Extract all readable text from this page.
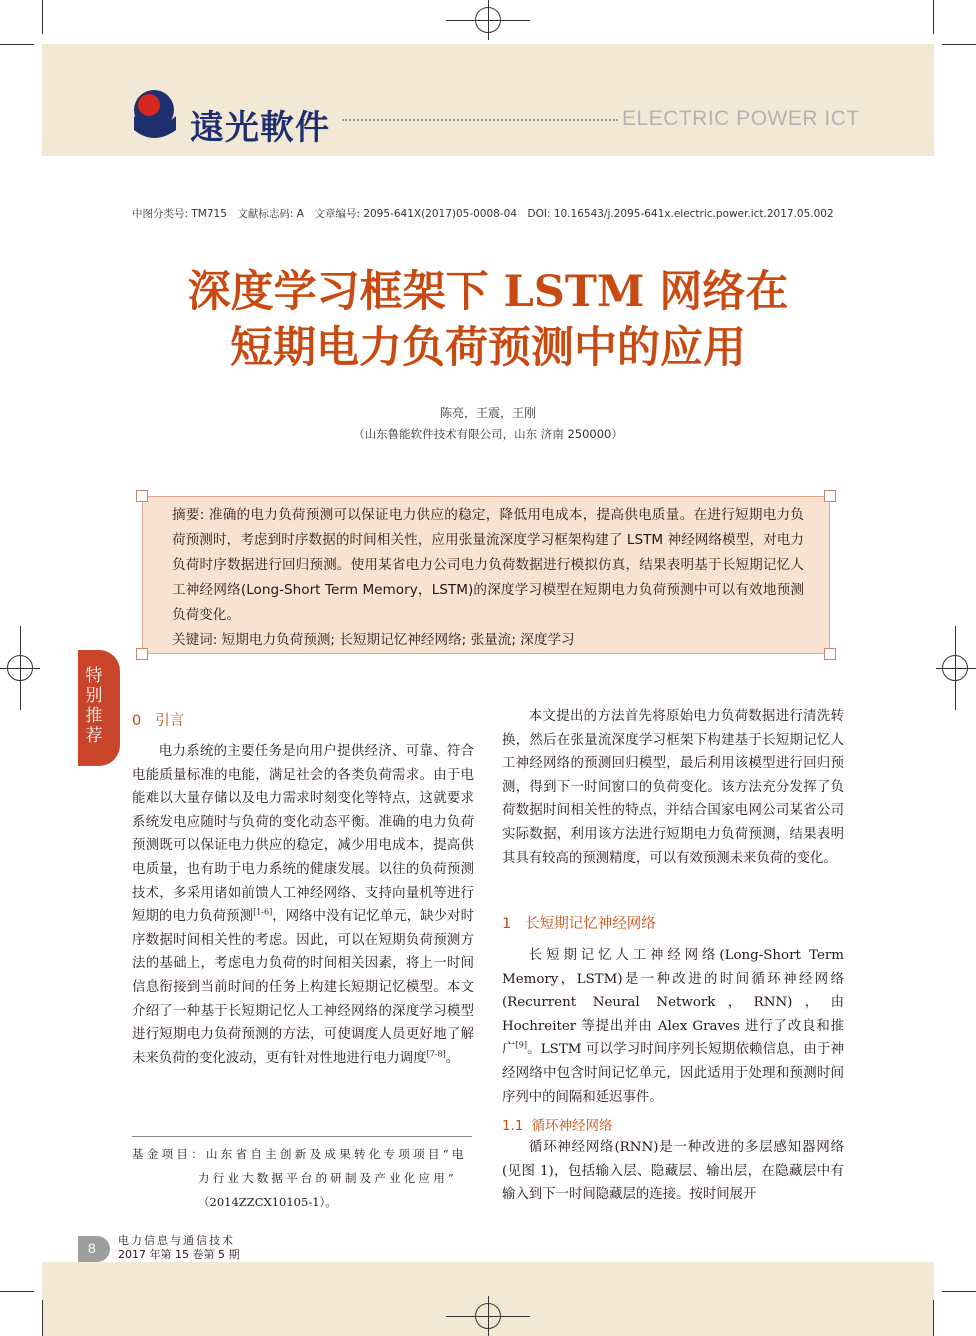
遠光軟件	ELECTRIC POWER ICT
中图分类号: TM715　文献标志码: A　文章编号: 2095-641X(2017)05-0008-04　DOI: 10.16543/j.2095-641x.electric.power.ict.2017.05.002
深度学习框架下 LSTM 网络在
短期电力负荷预测中的应用
陈亮，王震，王刚
（山东鲁能软件技术有限公司，山东 济南 250000）

摘要: 准确的电力负荷预测可以保证电力供应的稳定，降低用电成本，提高供电质量。在进行短期电力负荷预测时，考虑到时序数据的时间相关性，应用张量流深度学习框架构建了 LSTM 神经网络模型，对电力负荷时序数据进行回归预测。使用某省电力公司电力负荷数据进行模拟仿真，结果表明基于长短期记忆人工神经网络(Long-Short Term Memory，LSTM)的深度学习模型在短期电力负荷预测中可以有效地预测负荷变化。

关键词: 短期电力负荷预测; 长短期记忆神经网络; 张量流; 深度学习

特别推荐
0 引言

电力系统的主要任务是向用户提供经济、可靠、符合电能质量标准的电能，满足社会的各类负荷需求。由于电能难以大量存储以及电力需求时刻变化等特点，这就要求系统发电应随时与负荷的变化动态平衡。准确的电力负荷预测既可以保证电力供应的稳定，减少用电成本，提高供电质量，也有助于电力系统的健康发展。以往的负荷预测技术，多采用诸如前馈人工神经网络、支持向量机等进行短期的电力负荷预测[1-6]，网络中没有记忆单元，缺少对时序数据时间相关性的考虑。因此，可以在短期负荷预测方法的基础上，考虑电力负荷的时间相关因素，将上一时间信息衔接到当前时间的任务上构建长短期记忆模型。本文介绍了一种基于长短期记忆人工神经网络的深度学习模型进行短期电力负荷预测的方法，可使调度人员更好地了解未来负荷的变化波动，更有针对性地进行电力调度[7-8]。

基金项目：山东省自主创新及成果转化专项项目“电
力行业大数据平台的研制及产业化应用”
（2014ZZCX10105-1）。

本文提出的方法首先将原始电力负荷数据进行清洗转换，然后在张量流深度学习框架下构建基于长短期记忆人工神经网络的预测回归模型，最后利用该模型进行回归预测，得到下一时间窗口的负荷变化。该方法充分发挥了负荷数据时间相关性的特点，并结合国家电网公司某省公司实际数据，利用该方法进行短期电力负荷预测，结果表明其具有较高的预测精度，可以有效预测未来负荷的变化。

1 长短期记忆神经网络

长短期记忆人工神经网络(Long-Short Term Memory，LSTM)是一种改进的时间循环神经网络(Recurrent Neural Network，RNN)，由 Hochreiter 等提出并由 Alex Graves 进行了改良和推广[9]。LSTM 可以学习时间序列长短期依赖信息，由于神经网络中包含时间记忆单元，因此适用于处理和预测时间序列中的间隔和延迟事件。

1.1 循环神经网络

循环神经网络(RNN)是一种改进的多层感知器网络(见图 1)，包括输入层、隐藏层、输出层，在隐藏层中有输入到下一时间隐藏层的连接。按时间展开

8 电力信息与通信技术
2017 年第 15 卷第 5 期
